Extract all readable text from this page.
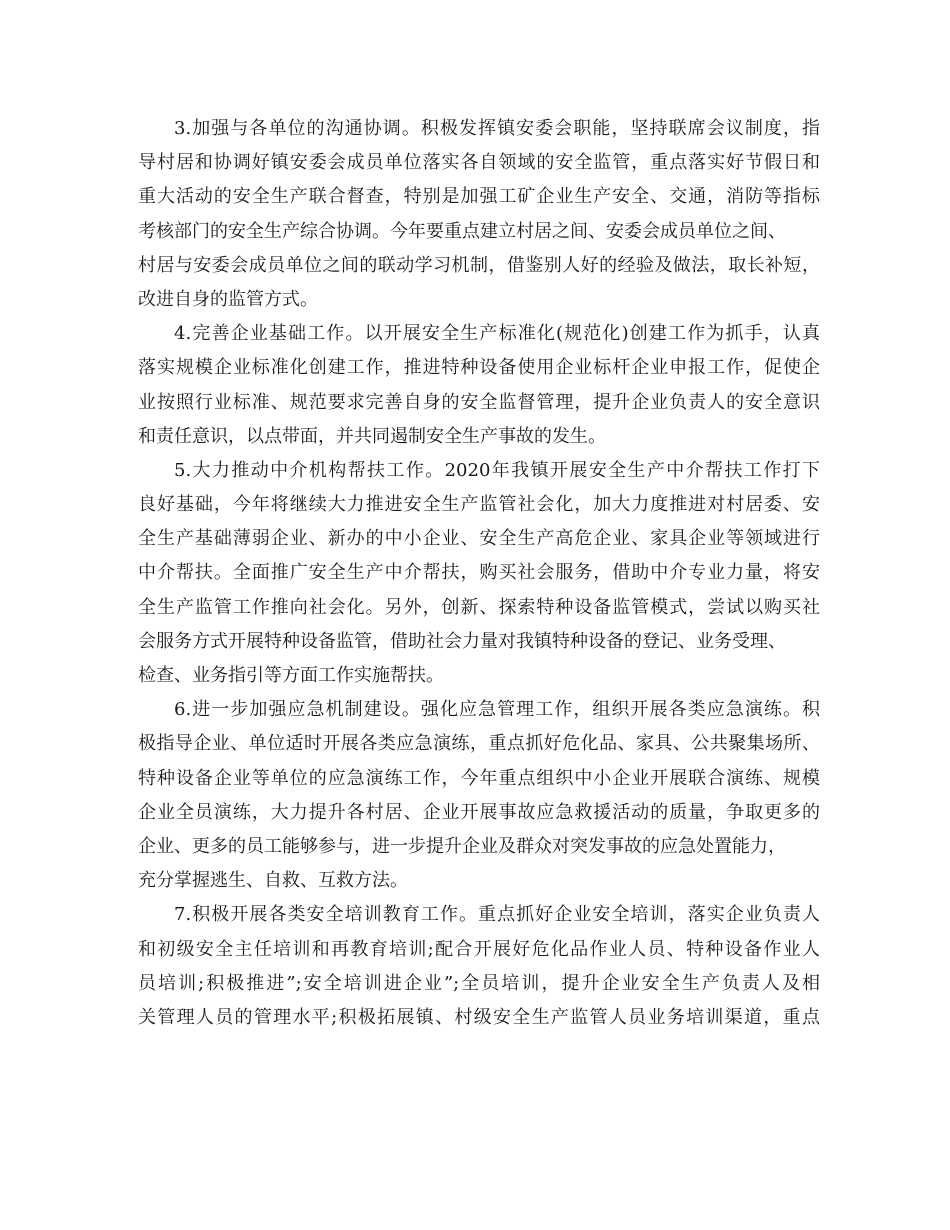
3.加强与各单位的沟通协调。积极发挥镇安委会职能，坚持联席会议制度，指
导村居和协调好镇安委会成员单位落实各自领域的安全监管，重点落实好节假日和
重大活动的安全生产联合督查，特别是加强工矿企业生产安全、交通，消防等指标
考核部门的安全生产综合协调。今年要重点建立村居之间、安委会成员单位之间、
村居与安委会成员单位之间的联动学习机制，借鉴别人好的经验及做法，取长补短，
改进自身的监管方式。
4.完善企业基础工作。以开展安全生产标准化(规范化)创建工作为抓手，认真
落实规模企业标准化创建工作，推进特种设备使用企业标杆企业申报工作，促使企
业按照行业标准、规范要求完善自身的安全监督管理，提升企业负责人的安全意识
和责任意识，以点带面，并共同遏制安全生产事故的发生。
5.大力推动中介机构帮扶工作。2020年我镇开展安全生产中介帮扶工作打下
良好基础，今年将继续大力推进安全生产监管社会化，加大力度推进对村居委、安
全生产基础薄弱企业、新办的中小企业、安全生产高危企业、家具企业等领域进行
中介帮扶。全面推广安全生产中介帮扶，购买社会服务，借助中介专业力量，将安
全生产监管工作推向社会化。另外，创新、探索特种设备监管模式，尝试以购买社
会服务方式开展特种设备监管，借助社会力量对我镇特种设备的登记、业务受理、
检查、业务指引等方面工作实施帮扶。
6.进一步加强应急机制建设。强化应急管理工作，组织开展各类应急演练。积
极指导企业、单位适时开展各类应急演练，重点抓好危化品、家具、公共聚集场所、
特种设备企业等单位的应急演练工作，今年重点组织中小企业开展联合演练、规模
企业全员演练，大力提升各村居、企业开展事故应急救援活动的质量，争取更多的
企业、更多的员工能够参与，进一步提升企业及群众对突发事故的应急处置能力，
充分掌握逃生、自救、互救方法。
7.积极开展各类安全培训教育工作。重点抓好企业安全培训，落实企业负责人
和初级安全主任培训和再教育培训;配合开展好危化品作业人员、特种设备作业人
员培训;积极推进”;安全培训进企业”;全员培训，提升企业安全生产负责人及相
关管理人员的管理水平;积极拓展镇、村级安全生产监管人员业务培训渠道，重点
